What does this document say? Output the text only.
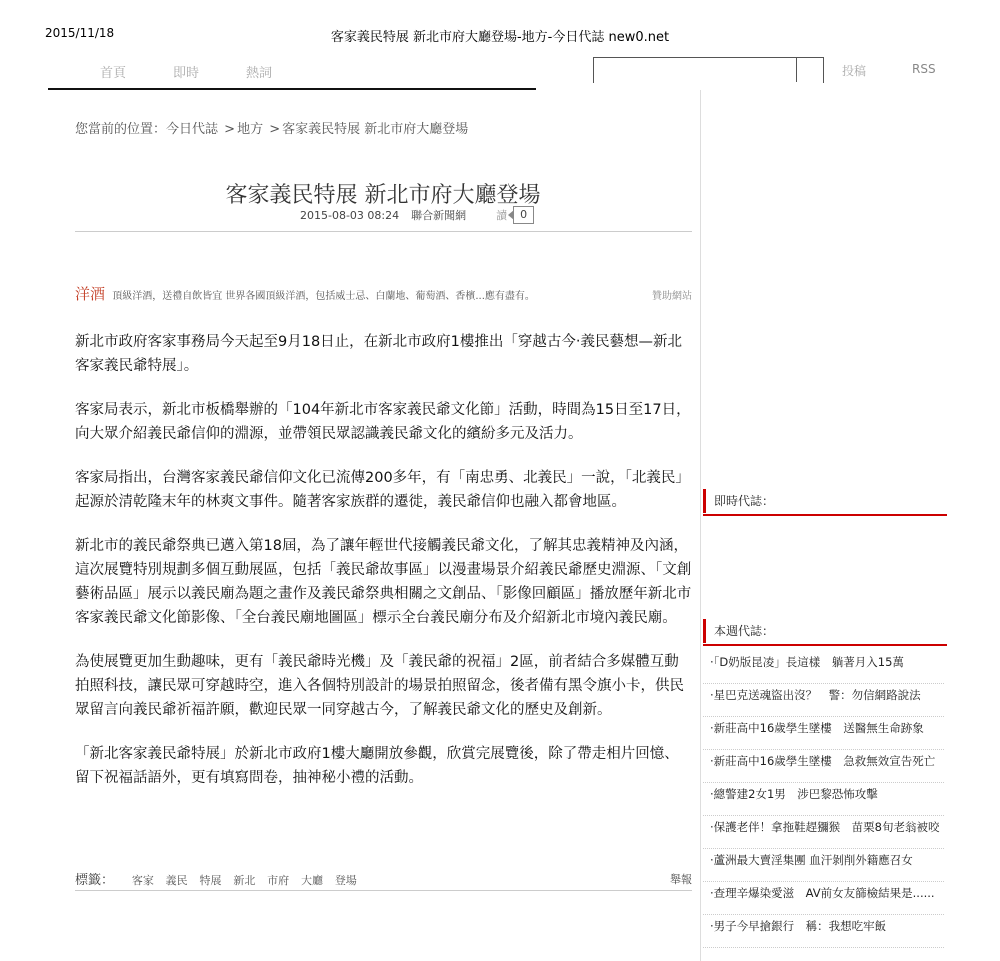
2015/11/18	客家義民特展 新北市府大廳登場-地方-今日代誌 new0.net
首頁	即時	熱詞	投稿	RSS
您當前的位置：今日代誌 > 地方 > 客家義民特展 新北市府大廳登場
客家義民特展 新北市府大廳登場
2015-08-03 08:24 聯合新聞網	讀	0
洋酒 頂級洋酒，送禮自飲皆宜 世界各國頂級洋酒，包括威士忌、白蘭地、葡萄酒、香檳...應有盡有。	贊助網站

新北市政府客家事務局今天起至9月18日止，在新北市政府1樓推出「穿越古今‧義民藝想—新北客家義民爺特展」。

客家局表示，新北市板橋舉辦的「104年新北市客家義民爺文化節」活動，時間為15日至17日，向大眾介紹義民爺信仰的淵源，並帶領民眾認識義民爺文化的繽紛多元及活力。

客家局指出，台灣客家義民爺信仰文化已流傳200多年，有「南忠勇、北義民」一說，「北義民」起源於清乾隆末年的林爽文事件。隨著客家族群的遷徙，義民爺信仰也融入都會地區。

新北市的義民爺祭典已邁入第18屆，為了讓年輕世代接觸義民爺文化，了解其忠義精神及內涵，這次展覽特別規劃多個互動展區，包括「義民爺故事區」以漫畫場景介紹義民爺歷史淵源、「文創藝術品區」展示以義民廟為題之畫作及義民爺祭典相關之文創品、「影像回顧區」播放歷年新北市客家義民爺文化節影像、「全台義民廟地圖區」標示全台義民廟分布及介紹新北市境內義民廟。

為使展覽更加生動趣味，更有「義民爺時光機」及「義民爺的祝福」2區，前者結合多媒體互動拍照科技，讓民眾可穿越時空，進入各個特別設計的場景拍照留念，後者備有黑令旗小卡，供民眾留言向義民爺祈福許願，歡迎民眾一同穿越古今，了解義民爺文化的歷史及創新。

「新北客家義民爺特展」於新北市政府1樓大廳開放參觀，欣賞完展覽後，除了帶走相片回憶、留下祝福話語外，更有填寫問卷，抽神秘小禮的活動。

標籤： 客家 義民 特展 新北 市府 大廳 登場	舉報
即時代誌：
本週代誌：
·「D奶版昆凌」長這樣　躺著月入15萬
·星巴克送魂盜出沒？　警：勿信網路說法
·新莊高中16歲學生墜樓　送醫無生命跡象
·新莊高中16歲學生墜樓　急救無效宣告死亡
·總警建2女1男　涉巴黎恐怖攻擊
·保護老伴！拿拖鞋趕獼猴　苗栗8旬老翁被咬
·蘆洲最大賣淫集團 血汗剝削外籍應召女
·查理辛爆染愛滋　AV前女友篩檢結果是......
·男子今早搶銀行　稱：我想吃牢飯
